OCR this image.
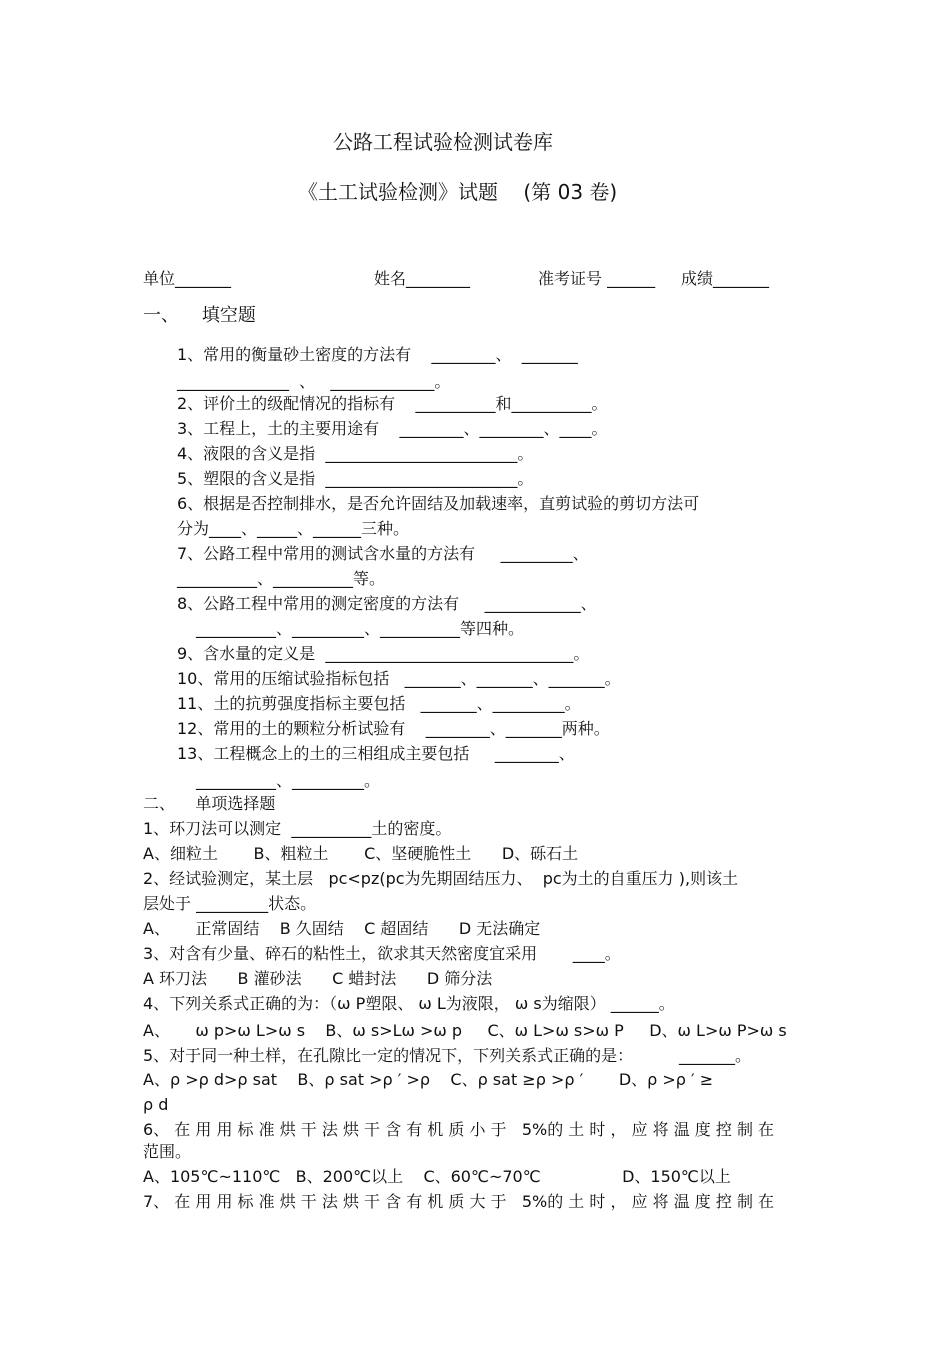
公路工程试验检测试卷库
《土工试验检测》试题    (第 03 卷)
单位_______	姓名________	准考证号 ______ 成绩_______
一、    填空题
1、常用的衡量砂土密度的方法有    ________、  _______
______________  、   _____________。
2、评价土的级配情况的指标有    __________和__________。
3、工程上，土的主要用途有    ________、________、____。
4、液限的含义是指  ________________________。
5、塑限的含义是指  ________________________。
6、根据是否控制排水，是否允许固结及加载速率，直剪试验的剪切方法可
分为____、_____、______三种。
7、公路工程中常用的测试含水量的方法有     _________、
__________、__________等。
8、公路工程中常用的测定密度的方法有     ____________、
__________、_________、__________等四种。
9、含水量的定义是  _______________________________。
10、常用的压缩试验指标包括   _______、_______、_______。
11、土的抗剪强度指标主要包括   _______、_________。
12、常用的土的颗粒分析试验有    ________、_______两种。
13、工程概念上的土的三相组成主要包括     ________、
__________、_________。
二、    单项选择题
1、环刀法可以测定  __________土的密度。
A、细粒土       B、粗粒土       C、坚硬脆性土      D、砾石土
2、经试验测定，某土层   pc<pz(pc为先期固结压力、  pc为土的自重压力 ),则该土
层处于 _________状态。
A、     正常固结    B 久固结    C 超固结      D 无法确定
3、对含有少量、碎石的粘性土，欲求其天然密度宜采用       ____。
A 环刀法      B 灌砂法      C 蜡封法      D 筛分法
4、下列关系式正确的为：（ω P塑限、 ω L为液限， ω s为缩限） ______。
A、     ω p>ω L>ω s    B、ω s>Lω >ω p     C、ω L>ω s>ω P     D、ω L>ω P>ω s
5、对于同一种土样，在孔隙比一定的情况下，下列关系式正确的是：         _______。
A、ρ >ρ d>ρ sat    B、ρ sat >ρ ′ >ρ    C、ρ sat ≥ρ >ρ ′       D、ρ >ρ ′ ≥
ρ d
6、 在 用 用 标 准 烘 干 法 烘 干 含 有 机 质 小 于   5%的 土 时 ， 应 将 温 度 控 制 在
范围。
A、105℃~110℃   B、200℃以上    C、60℃~70℃                D、150℃以上
7、 在 用 用 标 准 烘 干 法 烘 干 含 有 机 质 大 于   5%的 土 时 ， 应 将 温 度 控 制 在
